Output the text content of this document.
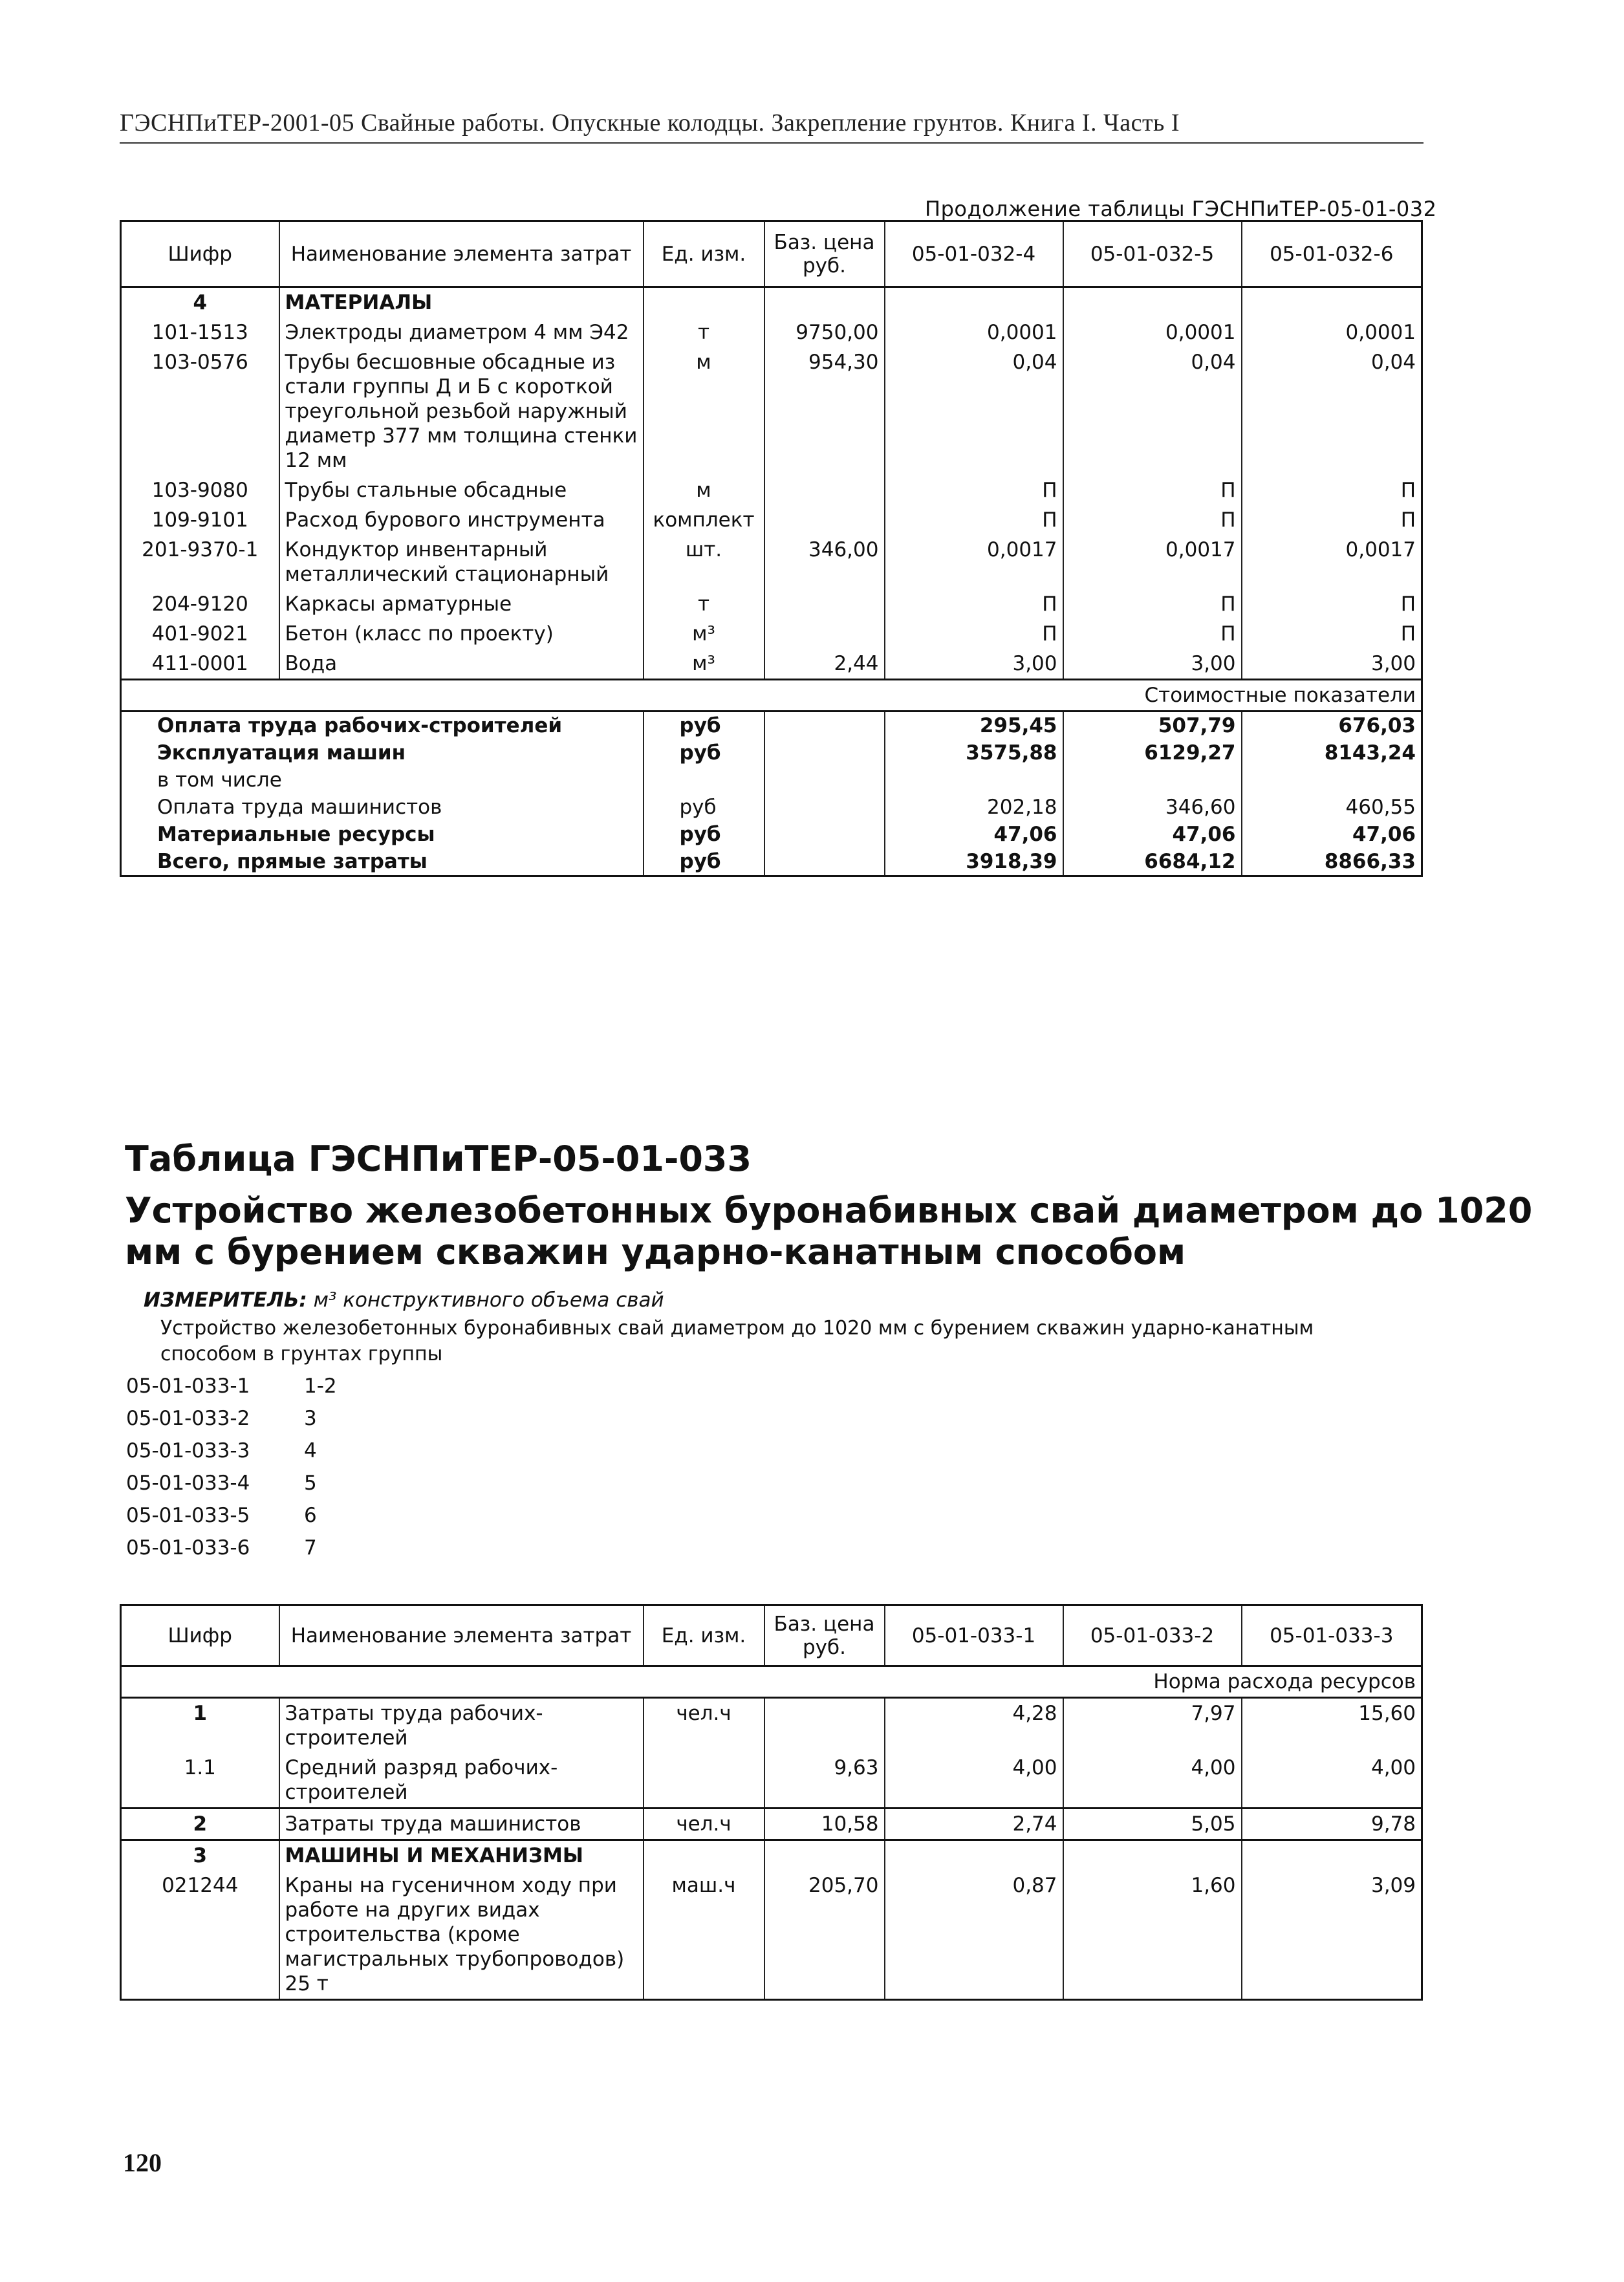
ГЭСНПиТЕР-2001-05 Свайные работы. Опускные колодцы. Закрепление грунтов. Книга I. Часть I
Продолжение таблицы ГЭСНПиТЕР-05-01-032
Шифр	Наименование элемента затрат	Ед. изм.	Баз. цена руб.	05-01-032-4	05-01-032-5	05-01-032-6
4	МАТЕРИАЛЫ					
101-1513	Электроды диаметром 4 мм Э42	т	9750,00	0,0001	0,0001	0,0001
103-0576	Трубы бесшовные обсадные из стали группы Д и Б с короткой треугольной резьбой наружный диаметр 377 мм толщина стенки 12 мм	м	954,30	0,04	0,04	0,04
103-9080	Трубы стальные обсадные	м		П	П	П
109-9101	Расход бурового инструмента	комплект		П	П	П
201-9370-1	Кондуктор инвентарный металлический стационарный	шт.	346,00	0,0017	0,0017	0,0017
204-9120	Каркасы арматурные	т		П	П	П
401-9021	Бетон (класс по проекту)	м³		П	П	П
411-0001	Вода	м³	2,44	3,00	3,00	3,00
Стоимостные показатели						
Оплата труда рабочих-строителей		руб		295,45	507,79	676,03
Эксплуатация машин		руб		3575,88	6129,27	8143,24
в том числе						
Оплата труда машинистов		руб		202,18	346,60	460,55
Материальные ресурсы		руб		47,06	47,06	47,06
Всего, прямые затраты		руб		3918,39	6684,12	8866,33
Таблица ГЭСНПиТЕР-05-01-033
Устройство железобетонных буронабивных свай диаметром до 1020
мм с бурением скважин ударно-канатным способом
ИЗМЕРИТЕЛЬ: м³ конструктивного объема свай
Устройство железобетонных буронабивных свай диаметром до 1020 мм с бурением скважин ударно-канатным способом в грунтах группы
05-01-033-1	1-2
05-01-033-2	3
05-01-033-3	4
05-01-033-4	5
05-01-033-5	6
05-01-033-6	7
Шифр	Наименование элемента затрат	Ед. изм.	Баз. цена руб.	05-01-033-1	05-01-033-2	05-01-033-3
Норма расхода ресурсов						
1	Затраты труда рабочих-строителей	чел.ч		4,28	7,97	15,60
1.1	Средний разряд рабочих-строителей		9,63	4,00	4,00	4,00
2	Затраты труда машинистов	чел.ч	10,58	2,74	5,05	9,78
3	МАШИНЫ И МЕХАНИЗМЫ					
021244	Краны на гусеничном ходу при работе на других видах строительства (кроме магистральных трубопроводов) 25 т	маш.ч	205,70	0,87	1,60	3,09
120
